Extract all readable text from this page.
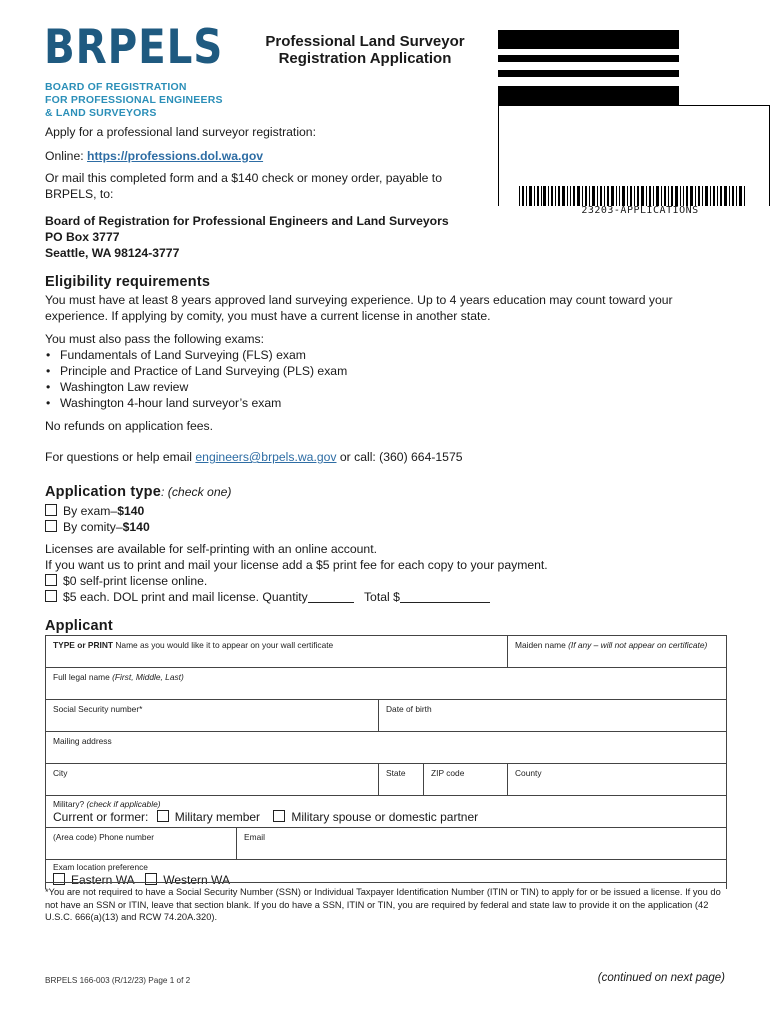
BRPELS
BOARD OF REGISTRATION
FOR PROFESSIONAL ENGINEERS
& LAND SURVEYORS
Professional Land Surveyor
Registration Application
23203-APPLICATIONS
Apply for a professional land surveyor registration:
Online: https://professions.dol.wa.gov
Or mail this completed form and a $140 check or money order, payable to
BRPELS, to:
Board of Registration for Professional Engineers and Land Surveyors
PO Box 3777
Seattle, WA 98124-3777
Eligibility requirements
You must have at least 8 years approved land surveying experience. Up to 4 years education may count toward your
experience. If applying by comity, you must have a current license in another state.
You must also pass the following exams:
• Fundamentals of Land Surveying (FLS) exam
• Principle and Practice of Land Surveying (PLS) exam
• Washington Law review
• Washington 4-hour land surveyor’s exam
No refunds on application fees.
For questions or help email engineers@brpels.wa.gov or call: (360) 664-1575
Application type: (check one)
By exam–$140
By comity–$140
Licenses are available for self-printing with an online account.
If you want us to print and mail your license add a $5 print fee for each copy to your payment.
$0 self-print license online.
$5 each. DOL print and mail license. Quantity	Total $
Applicant
TYPE or PRINT Name as you would like it to appear on your wall certificate	Maiden name (If any – will not appear on certificate)
Full legal name (First, Middle, Last)
Social Security number*	Date of birth
Mailing address
City	State	ZIP code	County
Military? (check if applicable)
Current or former: Military member	Military spouse or domestic partner
(Area code) Phone number	Email
Exam location preference
Eastern WA Western WA
*You are not required to have a Social Security Number (SSN) or Individual Taxpayer Identification Number (ITIN or TIN) to apply for or be issued a license. If you do not have an SSN or ITIN, leave that section blank. If you do have a SSN, ITIN or TIN, you are required by federal and state law to provide it on the application (42 U.S.C. 666(a)(13) and RCW 74.20A.320).
BRPELS 166-003 (R/12/23) Page 1 of 2	(continued on next page)
